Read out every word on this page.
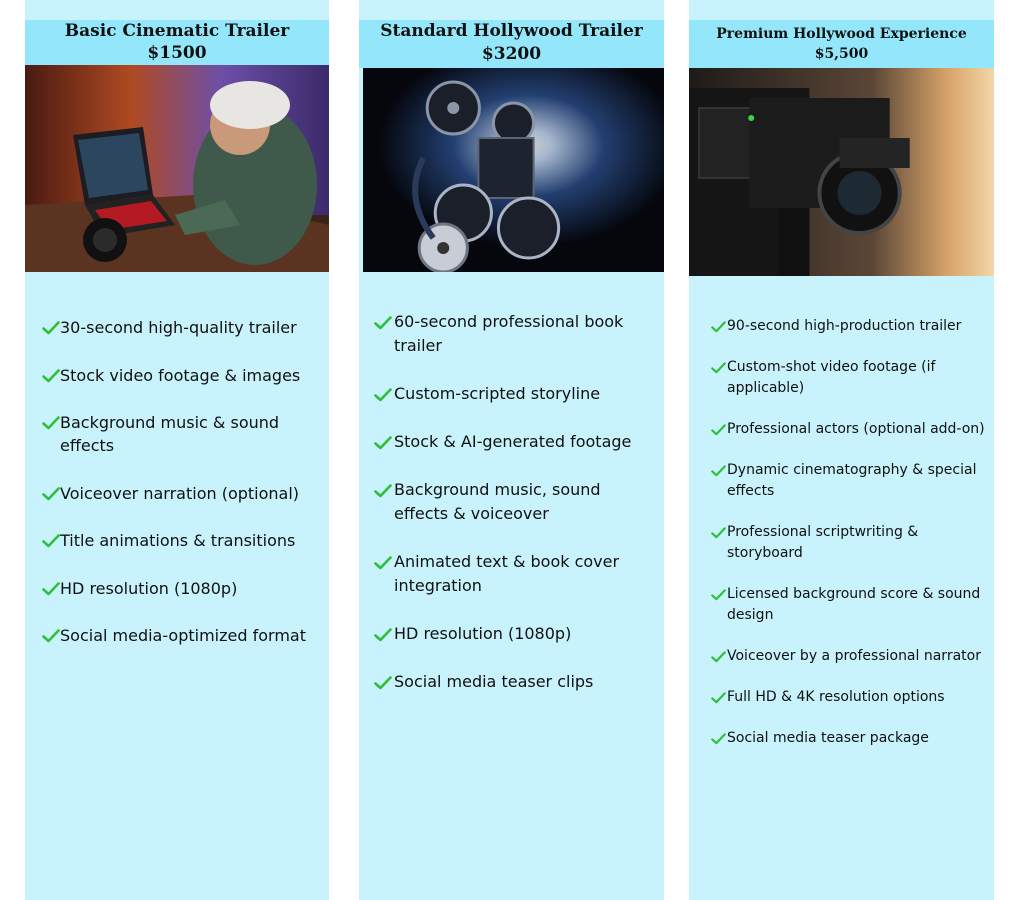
Basic Cinematic Trailer
$1500
30-second high-quality trailer
Stock video footage & images
Background music & sound effects
Voiceover narration (optional)
Title animations & transitions
HD resolution (1080p)
Social media-optimized format
Standard Hollywood Trailer
$3200
60-second professional book trailer
Custom-scripted storyline
Stock & AI-generated footage
Background music, sound effects & voiceover
Animated text & book cover integration
HD resolution (1080p)
Social media teaser clips
Premium Hollywood Experience
$5,500
90-second high-production trailer
Custom-shot video footage (if applicable)
Professional actors (optional add-on)
Dynamic cinematography & special effects
Professional scriptwriting & storyboard
Licensed background score & sound design
Voiceover by a professional narrator
Full HD & 4K resolution options
Social media teaser package
